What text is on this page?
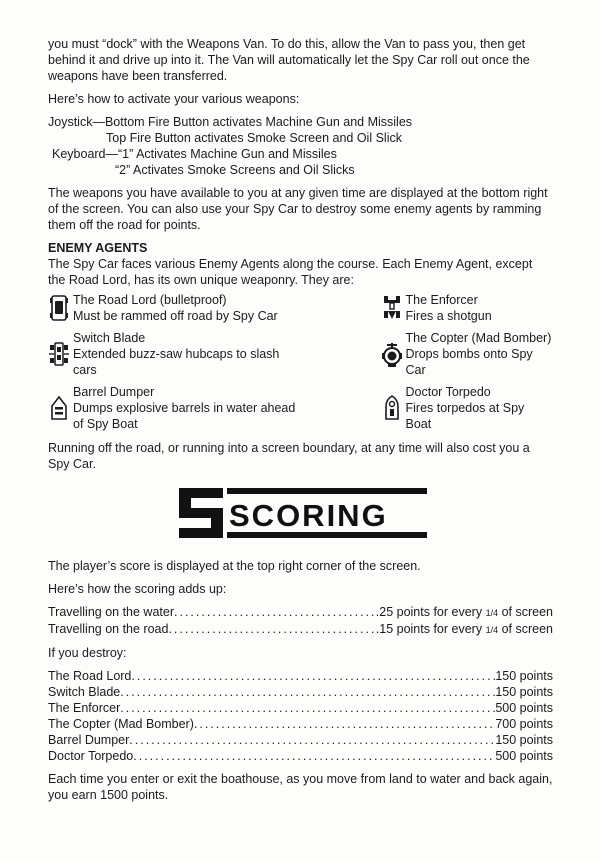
you must “dock” with the Weapons Van. To do this, allow the Van to pass you, then get behind it and drive up into it. The Van will automatically let the Spy Car roll out once the weapons have been transferred.

Here’s how to activate your various weapons:

Joystick— Bottom Fire Button activates Machine Gun and Missiles
Top Fire Button activates Smoke Screen and Oil Slick
Keyboard— “1” Activates Machine Gun and Missiles
“2” Activates Smoke Screens and Oil Slicks

The weapons you have available to you at any given time are displayed at the bottom right of the screen. You can also use your Spy Car to destroy some enemy agents by ramming them off the road for points.

ENEMY AGENTS

The Spy Car faces various Enemy Agents along the course. Each Enemy Agent, except the Road Lord, has its own unique weaponry. They are:

The Road Lord (bulletproof)
Must be rammed off road by Spy Car
The Enforcer
Fires a shotgun
Switch Blade
Extended buzz-saw hubcaps to slash cars
The Copter (Mad Bomber)
Drops bombs onto Spy Car
Barrel Dumper
Dumps explosive barrels in water ahead of Spy Boat
Doctor Torpedo
Fires torpedos at Spy Boat

Running off the road, or running into a screen boundary, at any time will also cost you a Spy Car.

SCORING

The player’s score is displayed at the top right corner of the screen.

Here’s how the scoring adds up:

Travelling on the water .....	.25 points for every 1/4 of screen
Travelling on the road .....	.15 points for every 1/4 of screen

If you destroy:

The Road Lord .....	150 points
Switch Blade .....	150 points
The Enforcer .....	500 points
The Copter (Mad Bomber) .....	700 points
Barrel Dumper .....	150 points
Doctor Torpedo .....	500 points

Each time you enter or exit the boathouse, as you move from land to water and back again, you earn 1500 points.
